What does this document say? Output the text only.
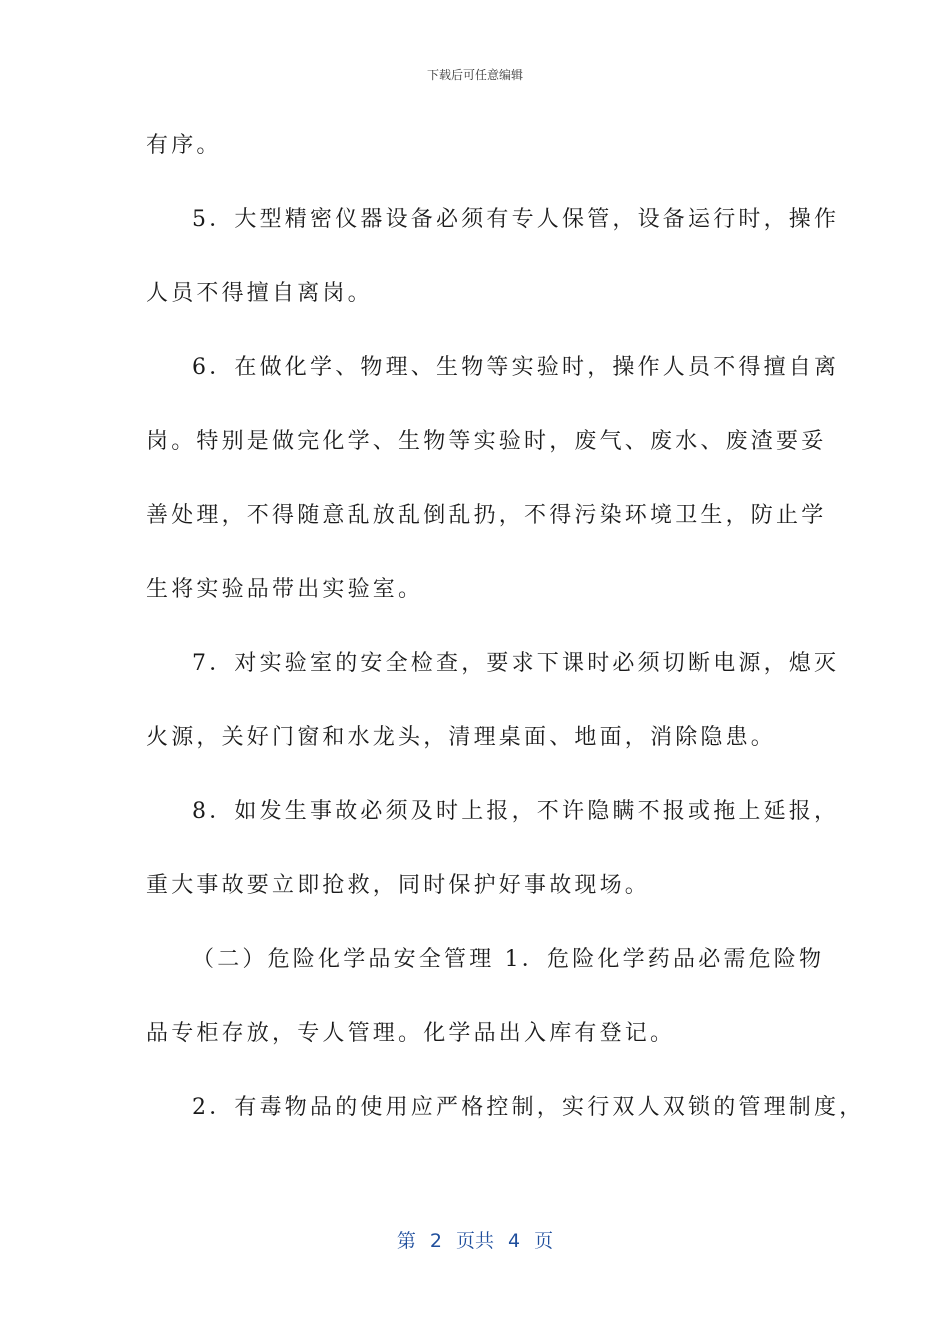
下载后可任意编辑
有序。
5．大型精密仪器设备必须有专人保管，设备运行时，操作
人员不得擅自离岗。
6．在做化学、物理、生物等实验时，操作人员不得擅自离
岗。特别是做完化学、生物等实验时，废气、废水、废渣要妥
善处理，不得随意乱放乱倒乱扔，不得污染环境卫生，防止学
生将实验品带出实验室。
7．对实验室的安全检查，要求下课时必须切断电源，熄灭
火源，关好门窗和水龙头，清理桌面、地面，消除隐患。
8．如发生事故必须及时上报，不许隐瞒不报或拖上延报，
重大事故要立即抢救，同时保护好事故现场。
（二）危险化学品安全管理 1．危险化学药品必需危险物
品专柜存放，专人管理。化学品出入库有登记。
2．有毒物品的使用应严格控制，实行双人双锁的管理制度，
第 2 页共 4 页
